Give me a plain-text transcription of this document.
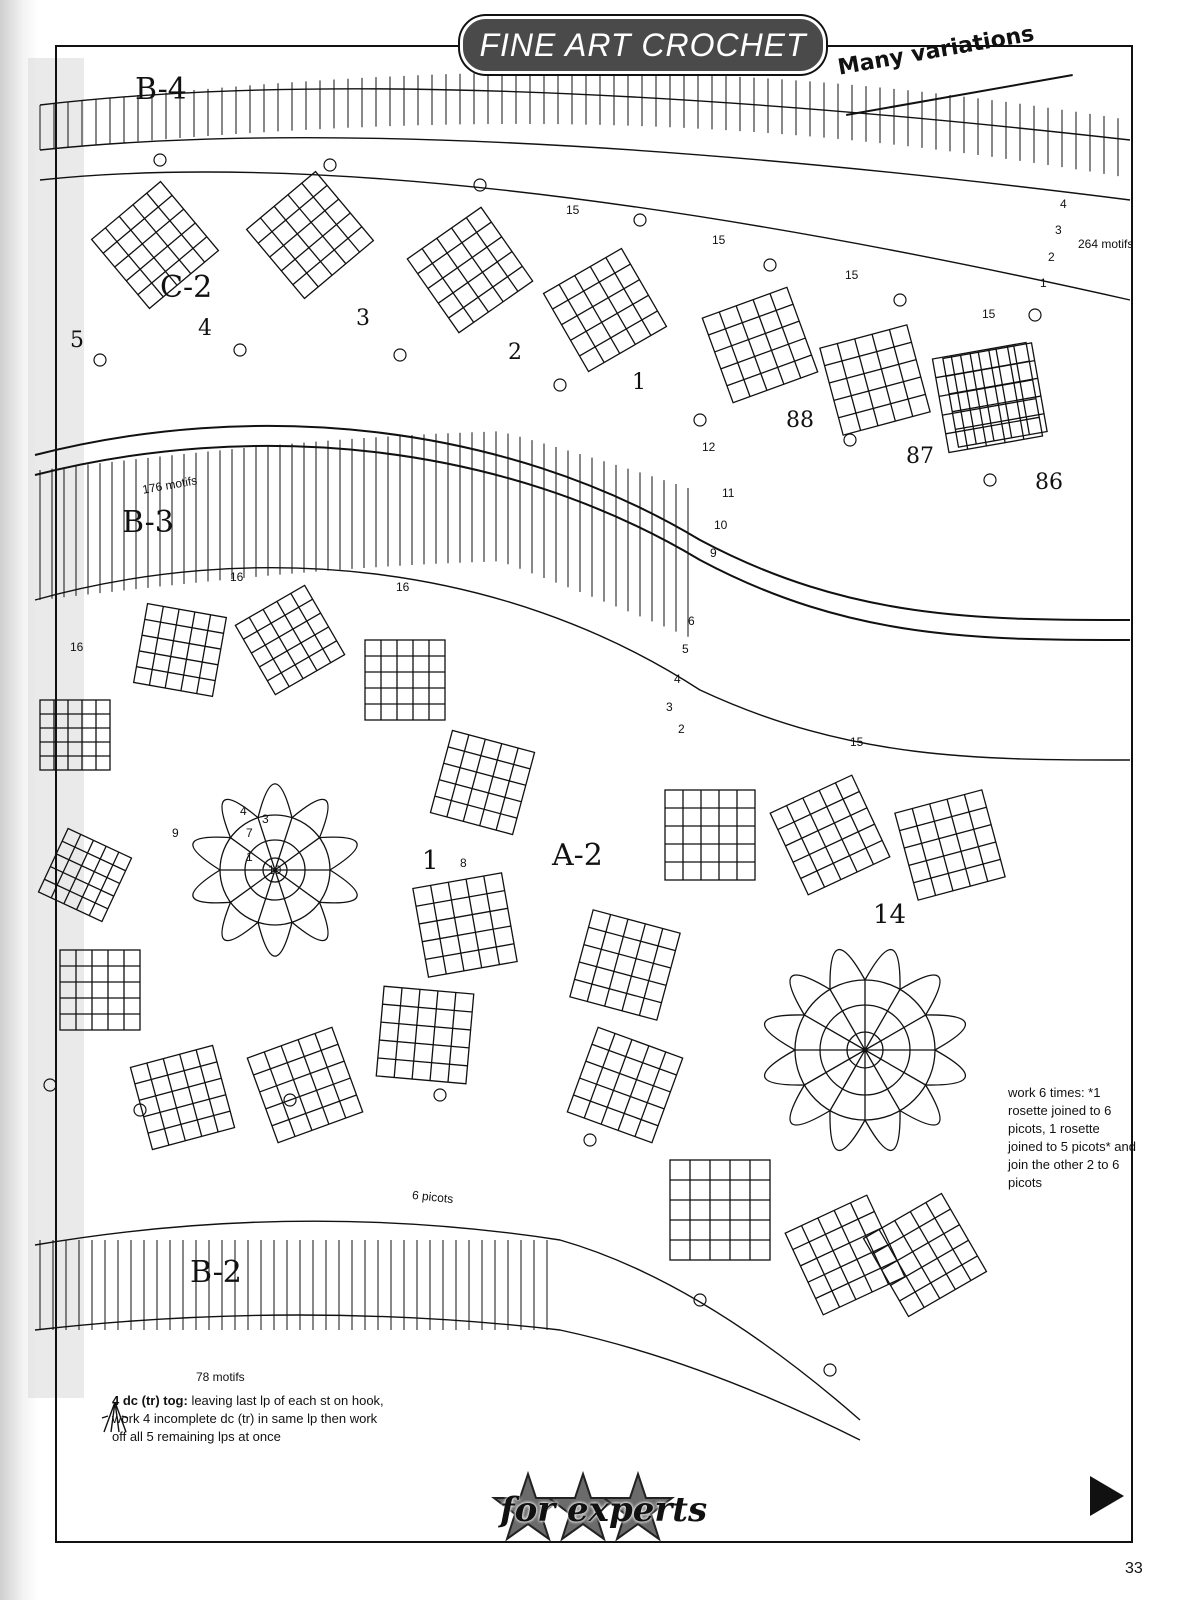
FINE ART CROCHET Many variations
B-4
B-3
B-2
C-2
A-2
1
1
2
3
4
5
14
86
87
88
15
15
15
15
15
16
16
16
12
11
10
9
6
5
4
3
2
4
3
2
1
10
9
8
7
4
3
1
264 motifs
176 motifs
78 motifs
6 picots
work 6 times: *1 rosette joined to 6 picots, 1 rosette joined to 5 picots* and join the other 2 to 6 picots
4 dc (tr) tog: leaving last lp of each st on hook, work 4 incomplete dc (tr) in same lp then work off all 5 remaining lps at once
for experts
33
